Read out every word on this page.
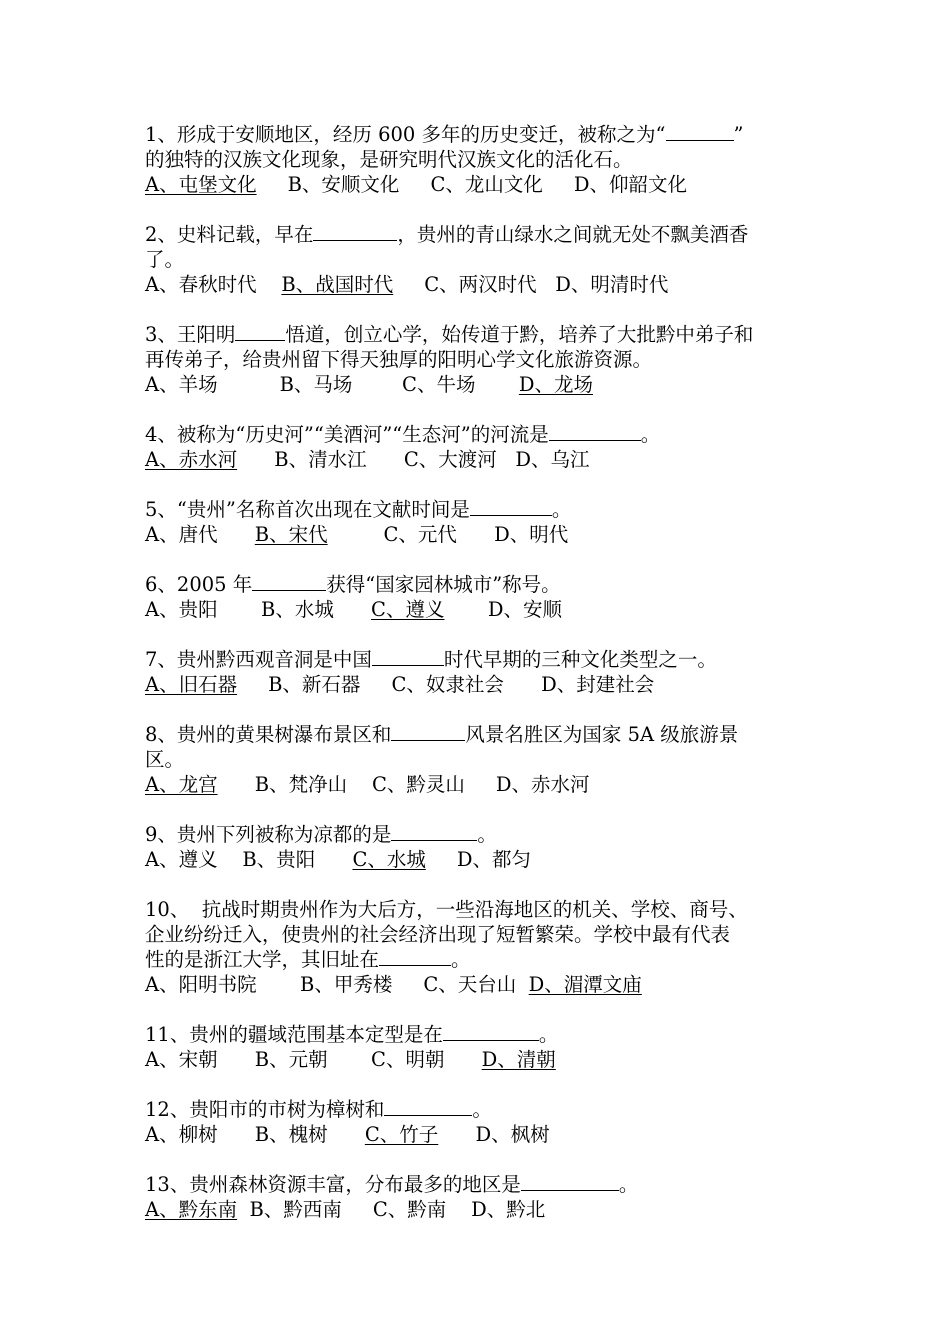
1、形成于安顺地区，经历 600 多年的历史变迁，被称之为“	”
的独特的汉族文化现象，是研究明代汉族文化的活化石。
A、屯堡文化 B、安顺文化 C、龙山文化 D、仰韶文化
2、史料记载，早在	，贵州的青山绿水之间就无处不飘美酒香
了。
A、春秋时代 B、战国时代 C、两汉时代 D、明清时代
3、王阳明	悟道，创立心学，始传道于黔，培养了大批黔中弟子和
再传弟子，给贵州留下得天独厚的阳明心学文化旅游资源。
A、羊场	B、马场	C、牛场 D、龙场
4、被称为“历史河”“美酒河”“生态河”的河流是	。
A、赤水河 B、清水江 C、大渡河 D、乌江
5、“贵州”名称首次出现在文献时间是	。
A、唐代 B、宋代	C、元代 D、明代
6、2005 年	获得“国家园林城市”称号。
A、贵阳 B、水城 C、遵义 D、安顺
7、贵州黔西观音洞是中国	时代早期的三种文化类型之一。
A、旧石器 B、新石器 C、奴隶社会 D、封建社会
8、贵州的黄果树瀑布景区和	风景名胜区为国家 5A 级旅游景
区。
A、龙宫 B、梵净山 C、黔灵山 D、赤水河
9、贵州下列被称为凉都的是	。
A、遵义 B、贵阳 C、水城 D、都匀
10、  抗战时期贵州作为大后方，一些沿海地区的机关、学校、商号、
企业纷纷迁入，使贵州的社会经济出现了短暂繁荣。学校中最有代表
性的是浙江大学，其旧址在	。
A、阳明书院 B、甲秀楼 C、天台山 D、湄潭文庙
11、贵州的疆域范围基本定型是在	。
A、宋朝 B、元朝 C、明朝 D、清朝
12、贵阳市的市树为樟树和	。
A、柳树 B、槐树 C、竹子 D、枫树
13、贵州森林资源丰富，分布最多的地区是	。
A、黔东南 B、黔西南 C、黔南 D、黔北
